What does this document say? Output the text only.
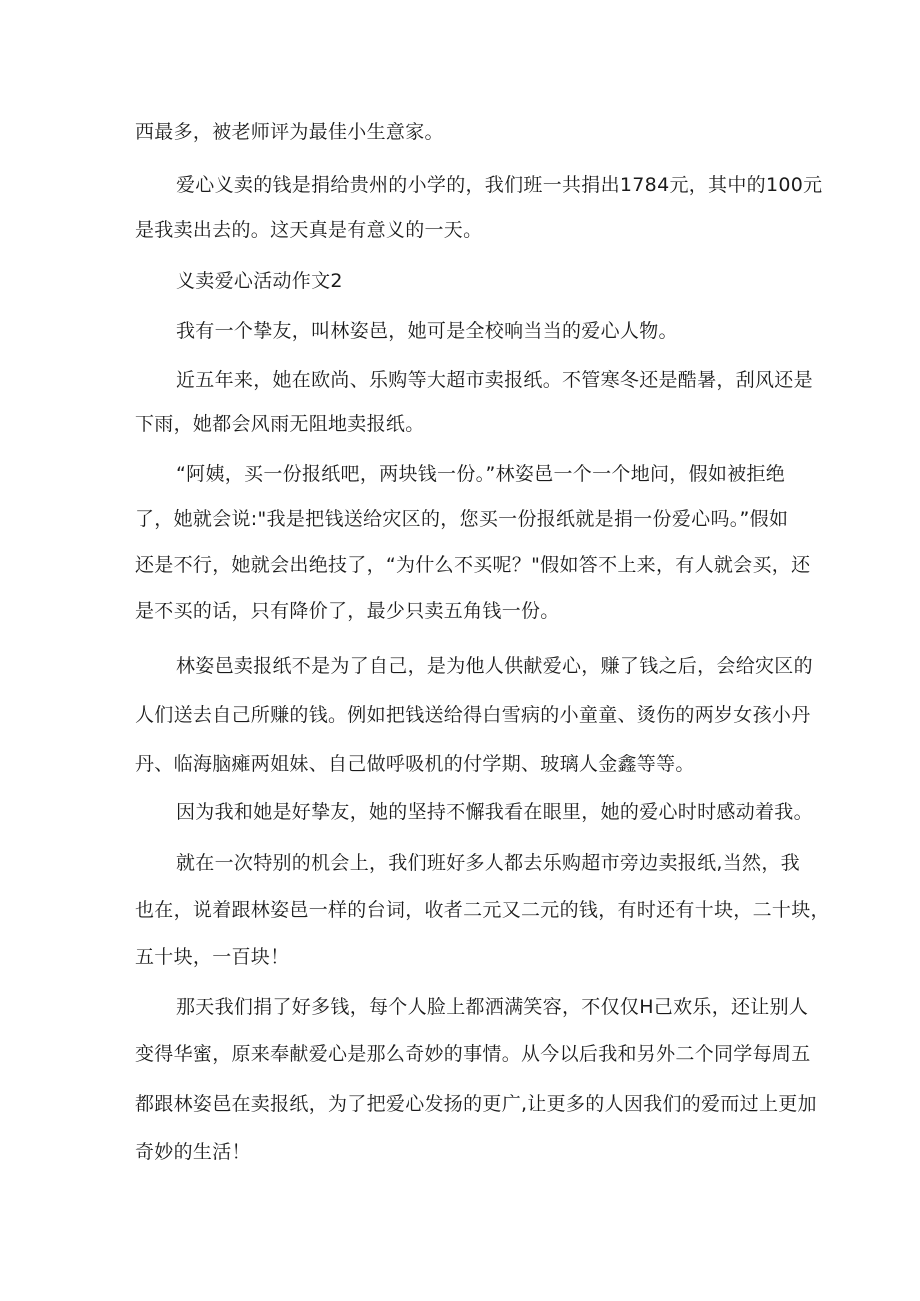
西最多，被老师评为最佳小生意家。
爱心义卖的钱是捐给贵州的小学的，我们班一共捐出1784元，其中的100元
是我卖出去的。这天真是有意义的一天。
义卖爱心活动作文2
我有一个挚友，叫林姿邑，她可是全校响当当的爱心人物。
近五年来，她在欧尚、乐购等大超市卖报纸。不管寒冬还是酷暑，刮风还是
下雨，她都会风雨无阻地卖报纸。
“阿姨，买一份报纸吧，两块钱一份。”林姿邑一个一个地问，假如被拒绝
了，她就会说:"我是把钱送给灾区的，您买一份报纸就是捐一份爱心吗。”假如
还是不行，她就会出绝技了，“为什么不买呢？"假如答不上来，有人就会买，还
是不买的话，只有降价了，最少只卖五角钱一份。
林姿邑卖报纸不是为了自己，是为他人供献爱心，赚了钱之后，会给灾区的
人们送去自己所赚的钱。例如把钱送给得白雪病的小童童、烫伤的两岁女孩小丹
丹、临海脑瘫两姐妹、自己做呼吸机的付学期、玻璃人金鑫等等。
因为我和她是好挚友，她的坚持不懈我看在眼里，她的爱心时时感动着我。
就在一次特别的机会上，我们班好多人都去乐购超市旁边卖报纸,当然，我
也在，说着跟林姿邑一样的台词，收者二元又二元的钱，有时还有十块，二十块，
五十块，一百块！
那天我们捐了好多钱，每个人脸上都洒满笑容，不仅仅H己欢乐，还让别人
变得华蜜，原来奉献爱心是那么奇妙的事情。从今以后我和另外二个同学每周五
都跟林姿邑在卖报纸，为了把爱心发扬的更广,让更多的人因我们的爱而过上更加
奇妙的生活！
